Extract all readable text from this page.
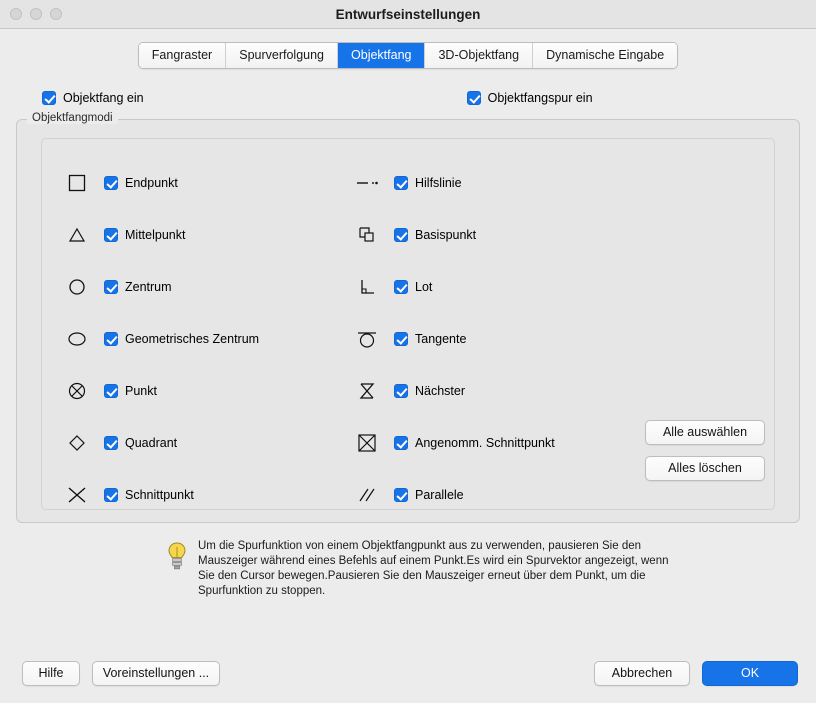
Entwurfseinstellungen
Fangraster	Spurverfolgung	Objektfang	3D-Objektfang	Dynamische Eingabe
Objektfang ein	Objektfangspur ein
Objektfangmodi
Endpunkt	Hilfslinie
Mittelpunkt	Basispunkt
Zentrum	Lot
Geometrisches Zentrum	Tangente
Punkt	Nächster
Quadrant	Angenomm. Schnittpunkt
Schnittpunkt	Parallele
Alle auswählen
Alles löschen
Um die Spurfunktion von einem Objektfangpunkt aus zu verwenden, pausieren Sie den Mauszeiger während eines Befehls auf einem Punkt.Es wird ein Spurvektor angezeigt, wenn Sie den Cursor bewegen.Pausieren Sie den Mauszeiger erneut über dem Punkt, um die Spurfunktion zu stoppen.
Hilfe	Voreinstellungen ...	Abbrechen	OK
